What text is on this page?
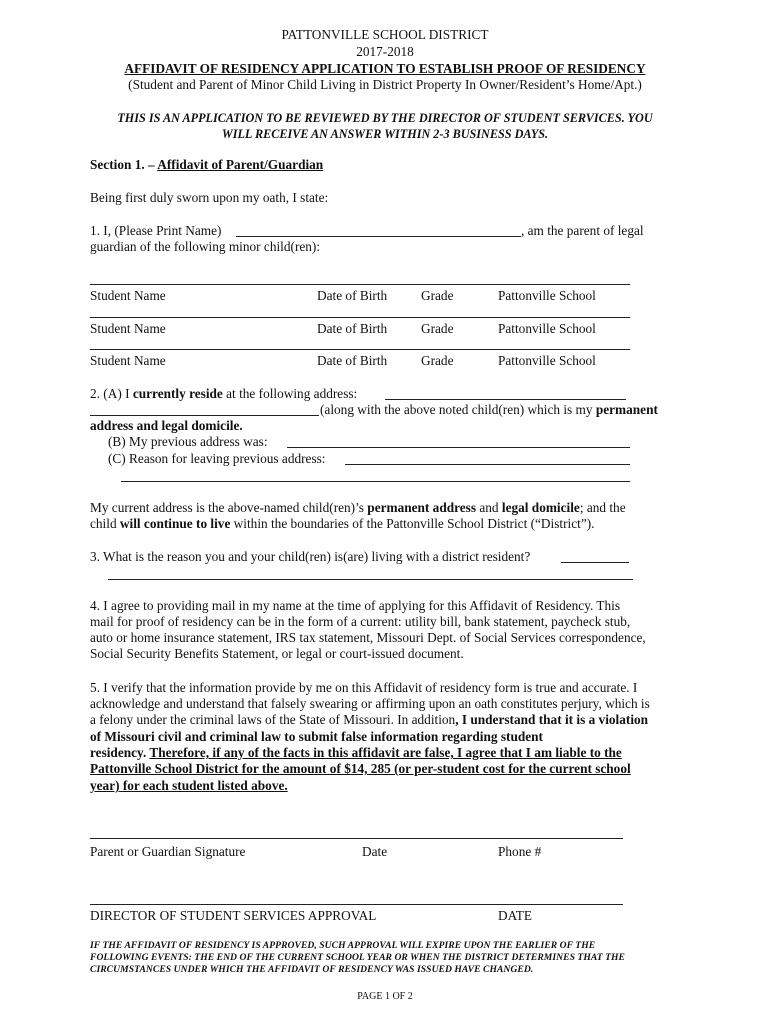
PATTONVILLE SCHOOL DISTRICT
2017-2018
AFFIDAVIT OF RESIDENCY APPLICATION TO ESTABLISH PROOF OF RESIDENCY
(Student and Parent of Minor Child Living in District Property In Owner/Resident’s Home/Apt.)
THIS IS AN APPLICATION TO BE REVIEWED BY THE DIRECTOR OF STUDENT SERVICES. YOU
WILL RECEIVE AN ANSWER WITHIN 2-3 BUSINESS DAYS.
Section 1. – Affidavit of Parent/Guardian
Being first duly sworn upon my oath, I state:
1. I, (Please Print Name)	, am the parent of legal
guardian of the following minor child(ren):
Student Name	Date of Birth	Grade	Pattonville School
Student Name	Date of Birth	Grade	Pattonville School
Student Name	Date of Birth	Grade	Pattonville School
2. (A) I currently reside at the following address:
(along with the above noted child(ren) which is my permanent
address and legal domicile.
(B) My previous address was:
(C) Reason for leaving previous address:
My current address is the above-named child(ren)’s permanent address and legal domicile; and the
child will continue to live within the boundaries of the Pattonville School District (“District”).
3. What is the reason you and your child(ren) is(are) living with a district resident?
4. I agree to providing mail in my name at the time of applying for this Affidavit of Residency. This
mail for proof of residency can be in the form of a current: utility bill, bank statement, paycheck stub,
auto or home insurance statement, IRS tax statement, Missouri Dept. of Social Services correspondence,
Social Security Benefits Statement, or legal or court-issued document.
5. I verify that the information provide by me on this Affidavit of residency form is true and accurate. I
acknowledge and understand that falsely swearing or affirming upon an oath constitutes perjury, which is
a felony under the criminal laws of the State of Missouri. In addition, I understand that it is a violation
of Missouri civil and criminal law to submit false information regarding student
residency. Therefore, if any of the facts in this affidavit are false, I agree that I am liable to the
Pattonville School District for the amount of $14, 285 (or per-student cost for the current school
year) for each student listed above.
Parent or Guardian Signature	Date	Phone #
DIRECTOR OF STUDENT SERVICES APPROVAL	DATE
IF THE AFFIDAVIT OF RESIDENCY IS APPROVED, SUCH APPROVAL WILL EXPIRE UPON THE EARLIER OF THE
FOLLOWING EVENTS: THE END OF THE CURRENT SCHOOL YEAR OR WHEN THE DISTRICT DETERMINES THAT THE
CIRCUMSTANCES UNDER WHICH THE AFFIDAVIT OF RESIDENCY WAS ISSUED HAVE CHANGED.
PAGE 1 OF 2
